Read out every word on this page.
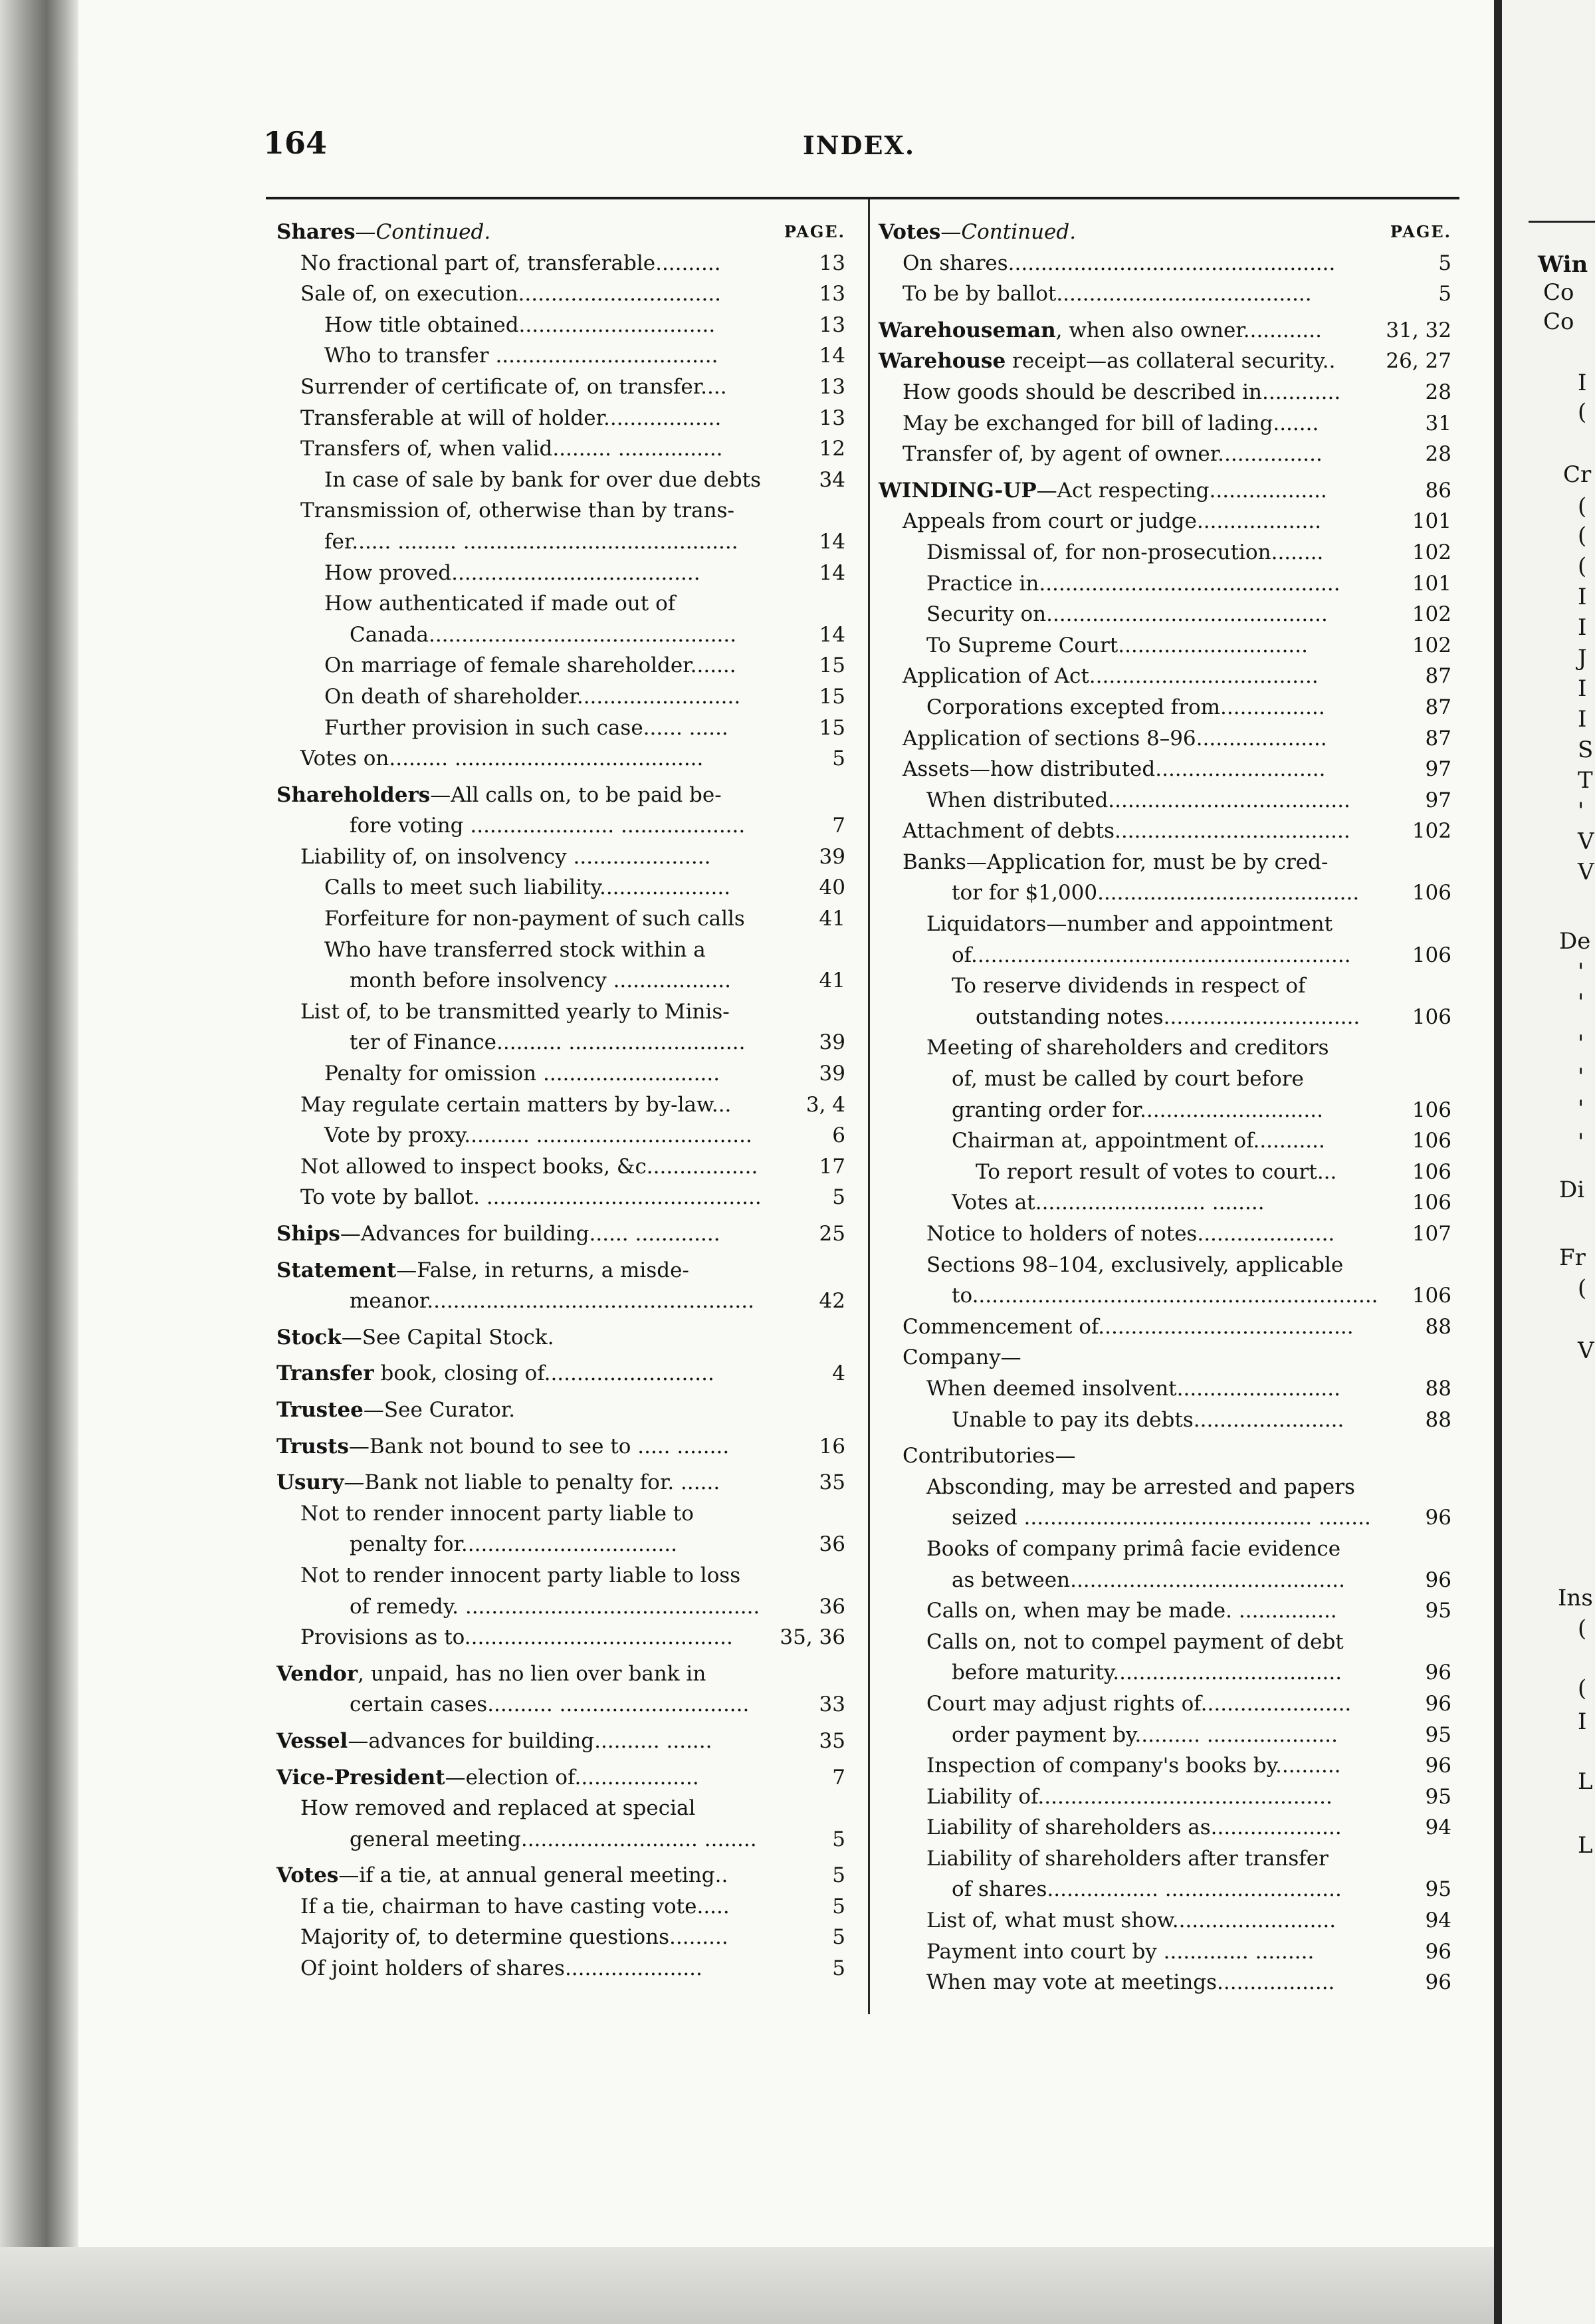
Win
Co
Co
I
(
Cr
(
(
(
I
I
J
I
I
S
T
'
V
V
De
'
'
'
'
'
'
Di
Fr
(
V
Ins
(
(
I
L
L
164	INDEX.
Shares—Continued.	PAGE.
No fractional part of, transferable..........	13
Sale of, on execution...............................	13
How title obtained..............................	13
Who to transfer ..................................	14
Surrender of certificate of, on transfer....	13
Transferable at will of holder..................	13
Transfers of, when valid......... ................	12
In case of sale by bank for over due debts	34
Transmission of, otherwise than by trans-
fer...... ......... ..........................................	14
How proved......................................	14
How authenticated if made out of
Canada...............................................	14
On marriage of female shareholder.......	15
On death of shareholder.........................	15
Further provision in such case...... ......	15
Votes on......... ......................................	5
Shareholders—All calls on, to be paid be-
fore voting ...................... ...................	7
Liability of, on insolvency .....................	39
Calls to meet such liability....................	40
Forfeiture for non-payment of such calls	41
Who have transferred stock within a
month before insolvency ..................	41
List of, to be transmitted yearly to Minis-
ter of Finance.......... ...........................	39
Penalty for omission ...........................	39
May regulate certain matters by by-law...	3, 4
Vote by proxy.......... .................................	6
Not allowed to inspect books, &c.................	17
To vote by ballot. ..........................................	5
Ships—Advances for building...... .............	25
Statement—False, in returns, a misde-
meanor..................................................	42
Stock—See Capital Stock.
Transfer book, closing of..........................	4
Trustee—See Curator.
Trusts—Bank not bound to see to ..... ........	16
Usury—Bank not liable to penalty for. ......	35
Not to render innocent party liable to
penalty for.................................	36
Not to render innocent party liable to loss
of remedy. .............................................	36
Provisions as to......................................... 35, 36
Vendor, unpaid, has no lien over bank in
certain cases.......... .............................	33
Vessel—advances for building.......... .......	35
Vice-President—election of...................	7
How removed and replaced at special
general meeting........................... ........	5
Votes—if a tie, at annual general meeting..	5
If a tie, chairman to have casting vote.....	5
Majority of, to determine questions.........	5
Of joint holders of shares.....................	5
Votes—Continued.	PAGE.
On shares..................................................	5
To be by ballot.......................................	5
Warehouseman, when also owner............	31, 32
Warehouse receipt—as collateral security.. 26, 27
How goods should be described in............	28
May be exchanged for bill of lading.......	31
Transfer of, by agent of owner................	28
WINDING-UP—Act respecting..................	86
Appeals from court or judge...................	101
Dismissal of, for non-prosecution........	102
Practice in..............................................	101
Security on...........................................	102
To Supreme Court.............................	102
Application of Act...................................	87
Corporations excepted from................	87
Application of sections 8–96....................	87
Assets—how distributed..........................	97
When distributed.....................................	97
Attachment of debts....................................	102
Banks—Application for, must be by cred-
tor for $1,000........................................	106
Liquidators—number and appointment
of..........................................................	106
To reserve dividends in respect of
outstanding notes..............................	106
Meeting of shareholders and creditors
of, must be called by court before
granting order for............................	106
Chairman at, appointment of...........	106
To report result of votes to court...	106
Votes at.......................... ........	106
Notice to holders of notes.....................	107
Sections 98–104, exclusively, applicable
to.............................................................. 106
Commencement of.......................................	88
Company—
When deemed insolvent.........................	88
Unable to pay its debts.......................	88
Contributories—
Absconding, may be arrested and papers
seized ............................................ ........	96
Books of company primâ facie evidence
as between..........................................	96
Calls on, when may be made. ...............	95
Calls on, not to compel payment of debt
before maturity...................................	96
Court may adjust rights of.......................	96
order payment by.......... ....................	95
Inspection of company's books by..........	96
Liability of.............................................	95
Liability of shareholders as....................	94
Liability of shareholders after transfer
of shares................. ...........................	95
List of, what must show.........................	94
Payment into court by ............. .........	96
When may vote at meetings..................	96
